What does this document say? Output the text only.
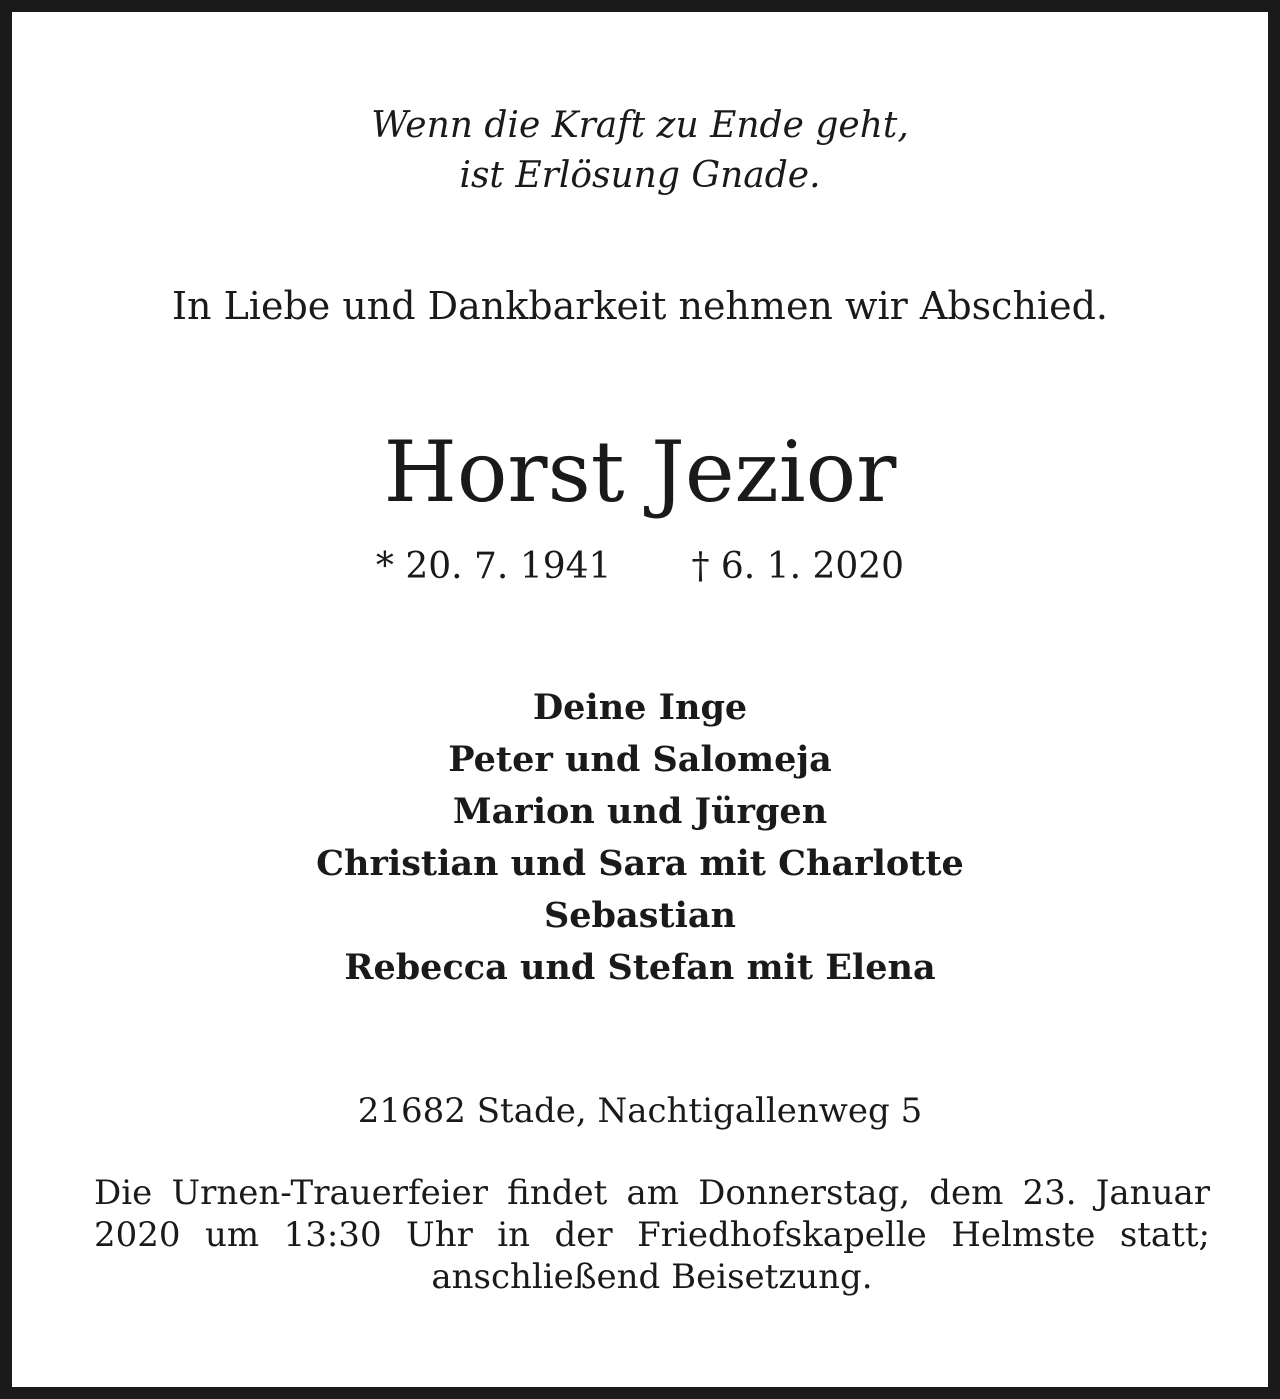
Wenn die Kraft zu Ende geht,
ist Erlösung Gnade.
In Liebe und Dankbarkeit nehmen wir Abschied.
Horst Jezior
* 20. 7. 1941 † 6. 1. 2020
Deine Inge
Peter und Salomeja
Marion und Jürgen
Christian und Sara mit Charlotte
Sebastian
Rebecca und Stefan mit Elena
21682 Stade, Nachtigallenweg 5
Die Urnen-Trauerfeier findet am Donnerstag, dem 23. Januar 2020 um 13:30 Uhr in der Friedhofskapelle Helmste statt; anschließend Beisetzung.
